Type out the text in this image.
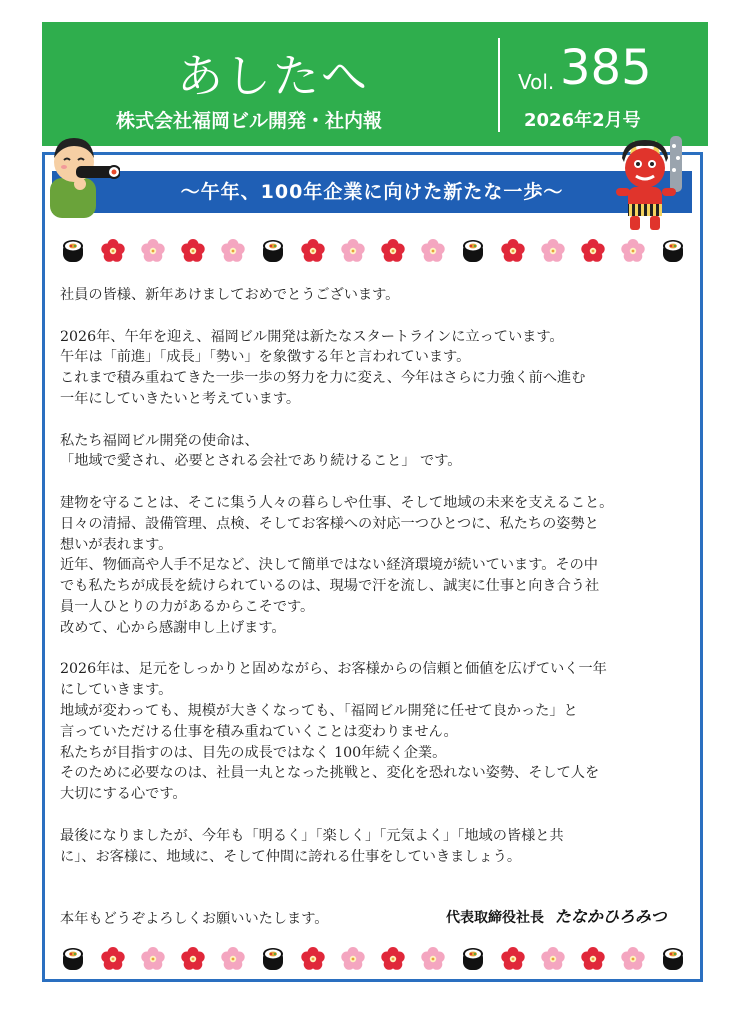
あしたへ
株式会社福岡ビル開発・社内報
Vol. 385
2026年2月号
～午年、100年企業に向けた新たな一歩～

社員の皆様、新年あけましておめでとうございます。

2026年、午年を迎え、福岡ビル開発は新たなスタートラインに立っています。

午年は「前進」「成長」「勢い」を象徴する年と言われています。

これまで積み重ねてきた一歩一歩の努力を力に変え、今年はさらに力強く前へ進む

一年にしていきたいと考えています。

私たち福岡ビル開発の使命は、

「地域で愛され、必要とされる会社であり続けること」 です。

建物を守ることは、そこに集う人々の暮らしや仕事、そして地域の未来を支えること。

日々の清掃、設備管理、点検、そしてお客様への対応一つひとつに、私たちの姿勢と

想いが表れます。

近年、物価高や人手不足など、決して簡単ではない経済環境が続いています。その中

でも私たちが成長を続けられているのは、現場で汗を流し、誠実に仕事と向き合う社

員一人ひとりの力があるからこそです。

改めて、心から感謝申し上げます。

2026年は、足元をしっかりと固めながら、お客様からの信頼と価値を広げていく一年

にしていきます。

地域が変わっても、規模が大きくなっても、「福岡ビル開発に任せて良かった」と

言っていただける仕事を積み重ねていくことは変わりません。

私たちが目指すのは、目先の成長ではなく 100年続く企業。

そのために必要なのは、社員一丸となった挑戦と、変化を恐れない姿勢、そして人を

大切にする心です。

最後になりましたが、今年も「明るく」「楽しく」「元気よく」「地域の皆様と共

に」、お客様に、地域に、そして仲間に誇れる仕事をしていきましょう。

本年もどうぞよろしくお願いいたします。	代表取締役社長 たなかひろみつ
